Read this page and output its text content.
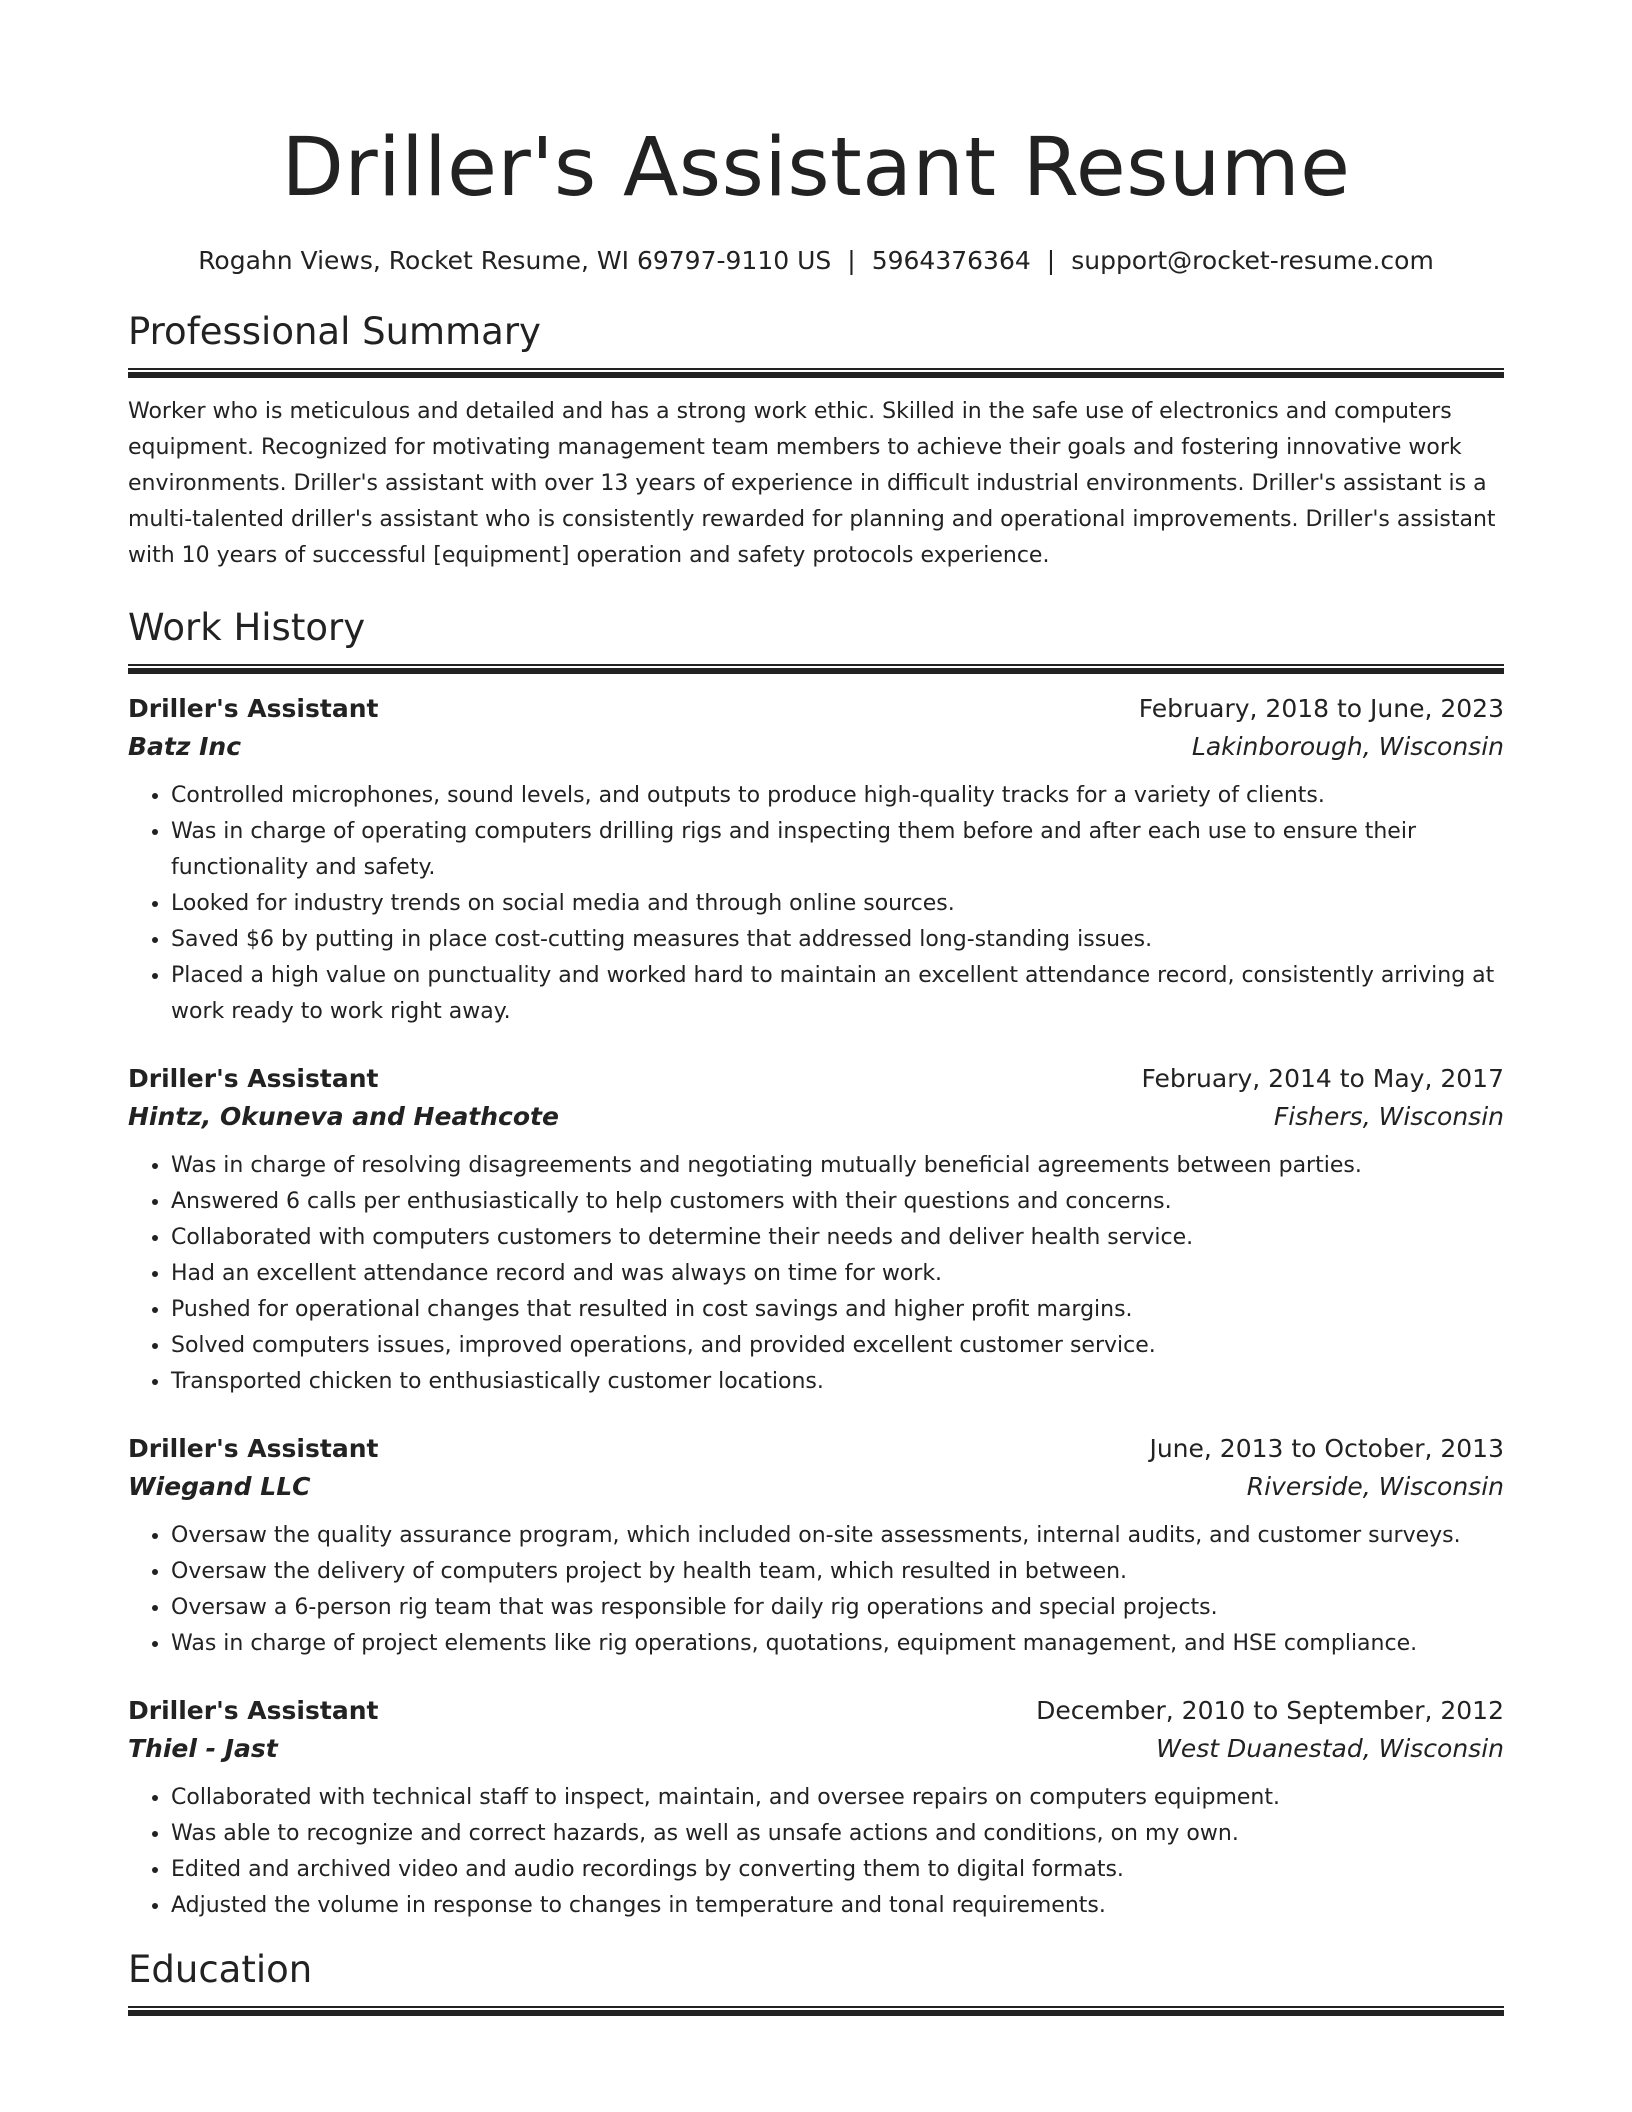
Driller's Assistant Resume
Rogahn Views, Rocket Resume, WI 69797-9110 US | 5964376364 | support@rocket-resume.com
Professional Summary

Worker who is meticulous and detailed and has a strong work ethic. Skilled in the safe use of electronics and computers equipment. Recognized for motivating management team members to achieve their goals and fostering innovative work environments. Driller's assistant with over 13 years of experience in difficult industrial environments. Driller's assistant is a multi-talented driller's assistant who is consistently rewarded for planning and operational improvements. Driller's assistant with 10 years of successful [equipment] operation and safety protocols experience.

Work History
Driller's Assistant	February, 2018 to June, 2023
Batz Inc	Lakinborough, Wisconsin
• Controlled microphones, sound levels, and outputs to produce high-quality tracks for a variety of clients.
• Was in charge of operating computers drilling rigs and inspecting them before and after each use to ensure their functionality and safety.
• Looked for industry trends on social media and through online sources.
• Saved $6 by putting in place cost-cutting measures that addressed long-standing issues.
• Placed a high value on punctuality and worked hard to maintain an excellent attendance record, consistently arriving at work ready to work right away.
Driller's Assistant	February, 2014 to May, 2017
Hintz, Okuneva and Heathcote	Fishers, Wisconsin
• Was in charge of resolving disagreements and negotiating mutually beneficial agreements between parties.
• Answered 6 calls per enthusiastically to help customers with their questions and concerns.
• Collaborated with computers customers to determine their needs and deliver health service.
• Had an excellent attendance record and was always on time for work.
• Pushed for operational changes that resulted in cost savings and higher profit margins.
• Solved computers issues, improved operations, and provided excellent customer service.
• Transported chicken to enthusiastically customer locations.
Driller's Assistant	June, 2013 to October, 2013
Wiegand LLC	Riverside, Wisconsin
• Oversaw the quality assurance program, which included on-site assessments, internal audits, and customer surveys.
• Oversaw the delivery of computers project by health team, which resulted in between.
• Oversaw a 6-person rig team that was responsible for daily rig operations and special projects.
• Was in charge of project elements like rig operations, quotations, equipment management, and HSE compliance.
Driller's Assistant	December, 2010 to September, 2012
Thiel - Jast	West Duanestad, Wisconsin
• Collaborated with technical staff to inspect, maintain, and oversee repairs on computers equipment.
• Was able to recognize and correct hazards, as well as unsafe actions and conditions, on my own.
• Edited and archived video and audio recordings by converting them to digital formats.
• Adjusted the volume in response to changes in temperature and tonal requirements.
Education
